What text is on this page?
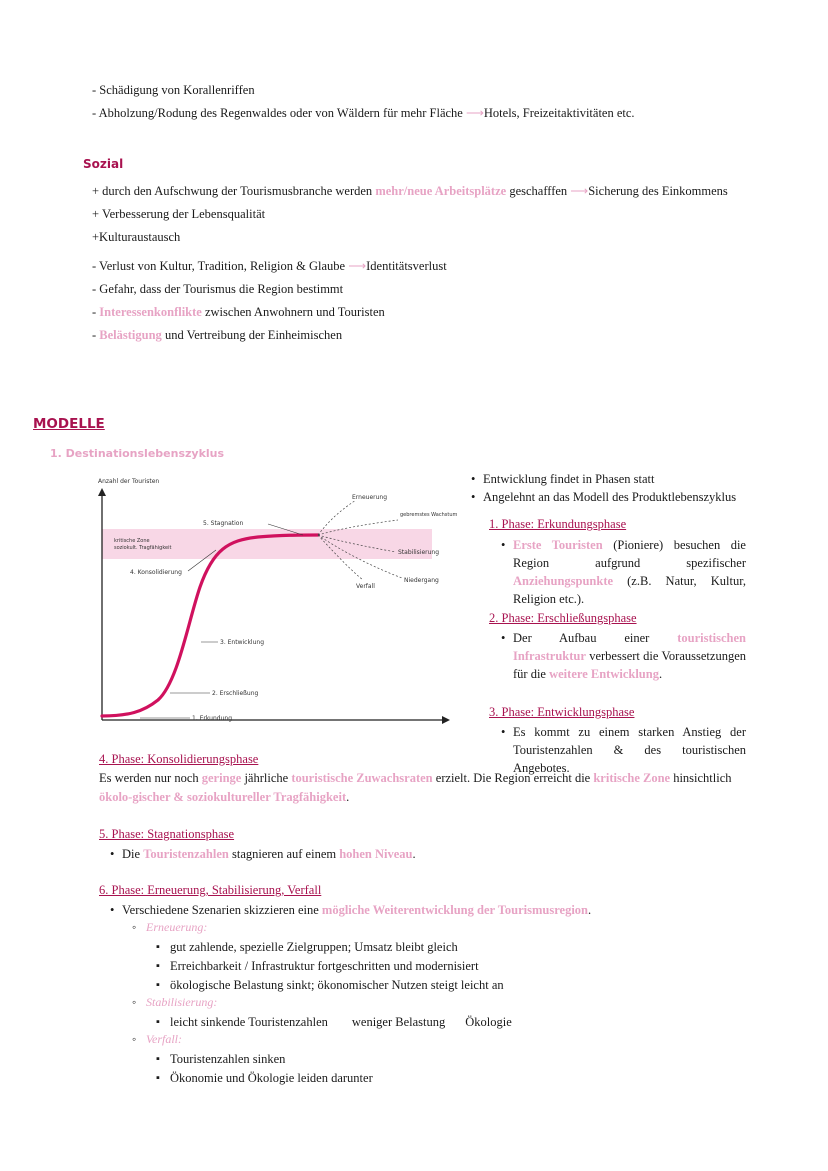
- Schädigung von Korallenriffen
- Abholzung/Rodung des Regenwaldes oder von Wäldern für mehr Fläche ⟶Hotels, Freizeitaktivitäten etc.
Sozial
+ durch den Aufschwung der Tourismusbranche werden mehr/neue Arbeitsplätze geschafffen ⟶Sicherung des Einkommens
+ Verbesserung der Lebensqualität
+Kulturaustausch
- Verlust von Kultur, Tradition, Religion & Glaube ⟶Identitätsverlust
- Gefahr, dass der Tourismus die Region bestimmt
- Interessenkonflikte zwischen Anwohnern und Touristen
- Belästigung und Vertreibung der Einheimischen
MODELLE
1. Destinationslebenszyklus
Anzahl der Touristen
kritische Zone
soziokult. Tragfähigkeit
1. Erkundung
2. Erschließung
3. Entwicklung
4. Konsolidierung
5. Stagnation
Erneuerung
gebremstes Wachstum
Stabilisierung
Niedergang
Verfall
• Entwicklung findet in Phasen statt
• Angelehnt an das Modell des Produktlebenszyklus
1. Phase: Erkundungsphase
• Erste Touristen (Pioniere) besuchen die Region aufgrund spezifischer Anziehungspunkte (z.B. Natur, Kultur, Religion etc.).
2. Phase: Erschließungsphase
• Der Aufbau einer touristischen Infrastruktur verbessert die Voraussetzungen für die weitere Entwicklung.
3. Phase: Entwicklungsphase
• Es kommt zu einem starken Anstieg der Touristenzahlen & des touristischen Angebotes.
4. Phase: Konsolidierungsphase
Es werden nur noch geringe jährliche touristische Zuwachsraten erzielt. Die Region erreicht die kritische Zone hinsichtlich ökolo-gischer & soziokultureller Tragfähigkeit.
5. Phase: Stagnationsphase
• Die Touristenzahlen stagnieren auf einem hohen Niveau.
6. Phase: Erneuerung, Stabilisierung, Verfall
• Verschiedene Szenarien skizzieren eine mögliche Weiterentwicklung der Tourismusregion.
◦ Erneuerung:
▪ gut zahlende, spezielle Zielgruppen; Umsatz bleibt gleich
▪ Erreichbarkeit / Infrastruktur fortgeschritten und modernisiert
▪ ökologische Belastung sinkt; ökonomischer Nutzen steigt leicht an
◦ Stabilisierung:
▪ leicht sinkende Touristenzahlen weniger Belastung Ökologie
◦ Verfall:
▪ Touristenzahlen sinken
▪ Ökonomie und Ökologie leiden darunter
